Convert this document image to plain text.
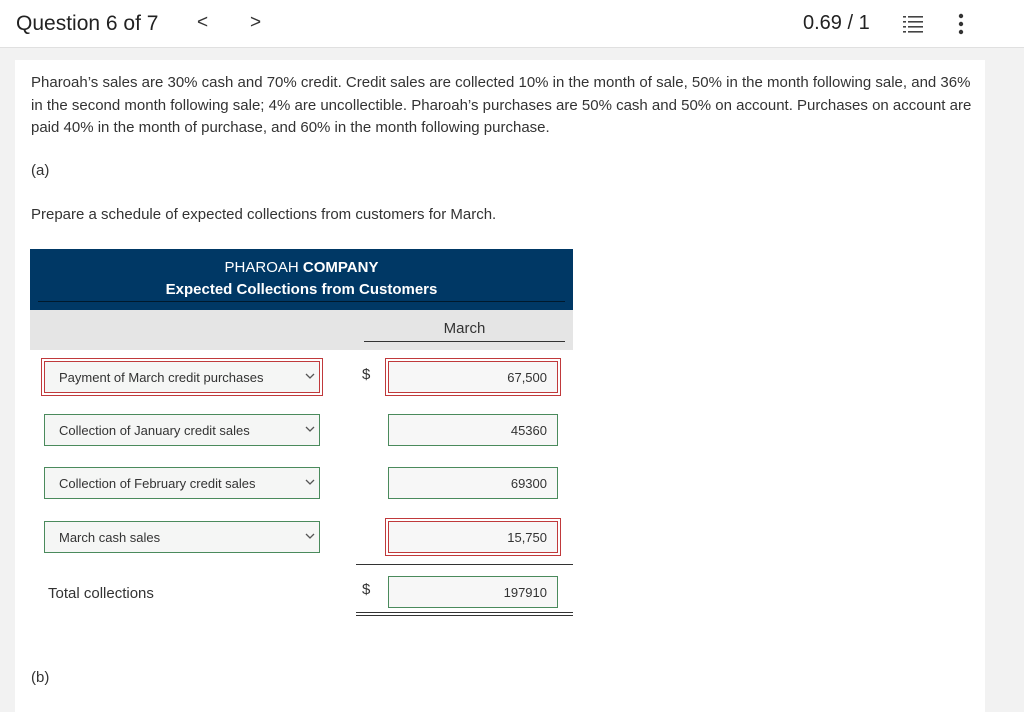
Question 6 of 7 < >	0.69 / 1

Pharoah’s sales are 30% cash and 70% credit. Credit sales are collected 10% in the month of sale, 50% in the month following sale, and 36% in the second month following sale; 4% are uncollectible. Pharoah’s purchases are 50% cash and 50% on account. Purchases on account are paid 40% in the month of purchase, and 60% in the month following purchase.

(a)
Prepare a schedule of expected collections from customers for March.
PHAROAH COMPANY
Expected Collections from Customers
March
Payment of March credit purchases	$	67,500
Collection of January credit sales	45360
Collection of February credit sales	69300
March cash sales	15,750
Total collections	$	197910
(b)
